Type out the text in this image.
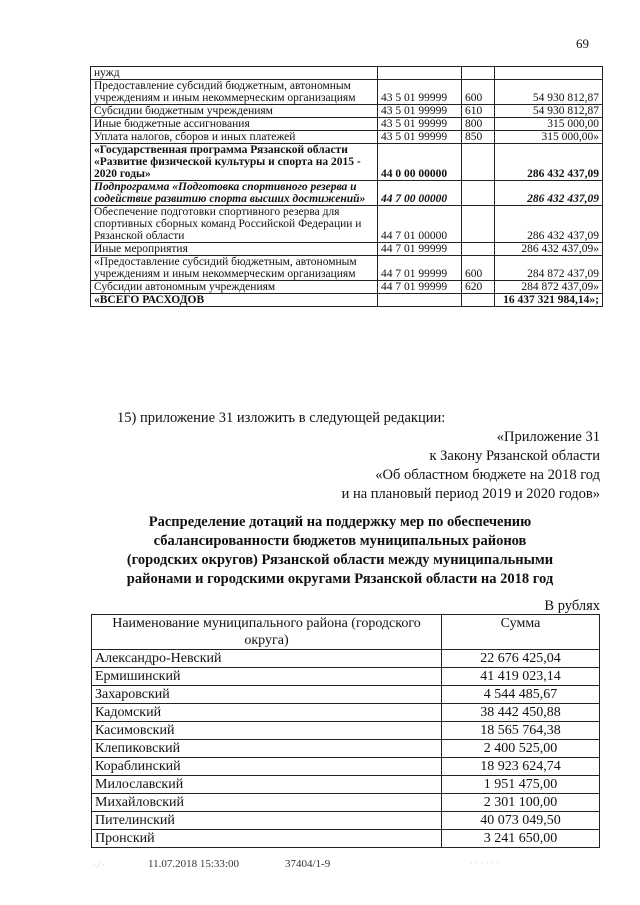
69
нужд			
Предоставление субсидий бюджетным, автономным учреждениям и иным некоммерческим организациям	43 5 01 99999	600	54 930 812,87
Субсидии бюджетным учреждениям	43 5 01 99999	610	54 930 812,87
Иные бюджетные ассигнования	43 5 01 99999	800	315 000,00
Уплата налогов, сборов и иных платежей	43 5 01 99999	850	315 000,00»
«Государственная программа Рязанской области «Развитие физической культуры и спорта на 2015 - 2020 годы»	44 0 00 00000		286 432 437,09
Подпрограмма «Подготовка спортивного резерва и содействие развитию спорта высших достижений»	44 7 00 00000		286 432 437,09
Обеспечение подготовки спортивного резерва для спортивных сборных команд Российской Федерации и Рязанской области	44 7 01 00000		286 432 437,09
Иные мероприятия	44 7 01 99999		286 432 437,09»
«Предоставление субсидий бюджетным, автономным учреждениям и иным некоммерческим организациям	44 7 01 99999	600	284 872 437,09
Субсидии автономным учреждениям	44 7 01 99999	620	284 872 437,09»
«ВСЕГО РАСХОДОВ			16 437 321 984,14»;
15) приложение 31 изложить в следующей редакции:
«Приложение 31
к Закону Рязанской области
«Об областном бюджете на 2018 год
и на плановый период 2019 и 2020 годов»
Распределение дотаций на поддержку мер по обеспечению сбалансированности бюджетов муниципальных районов (городских округов) Рязанской области между муниципальными районами и городскими округами Рязанской области на 2018 год
В рублях
Наименование муниципального района (городского округа)	Сумма
Александро-Невский	22 676 425,04
Ермишинский	41 419 023,14
Захаровский	4 544 485,67
Кадомский	38 442 450,88
Касимовский	18 565 764,38
Клепиковский	2 400 525,00
Кораблинский	18 923 624,74
Милославский	1 951 475,00
Михайловский	2 301 100,00
Пителинский	40 073 049,50
Пронский	3 241 650,00
11.07.2018 15:33:00	37404/1-9
· ⁄ ·	· · · · · ·
